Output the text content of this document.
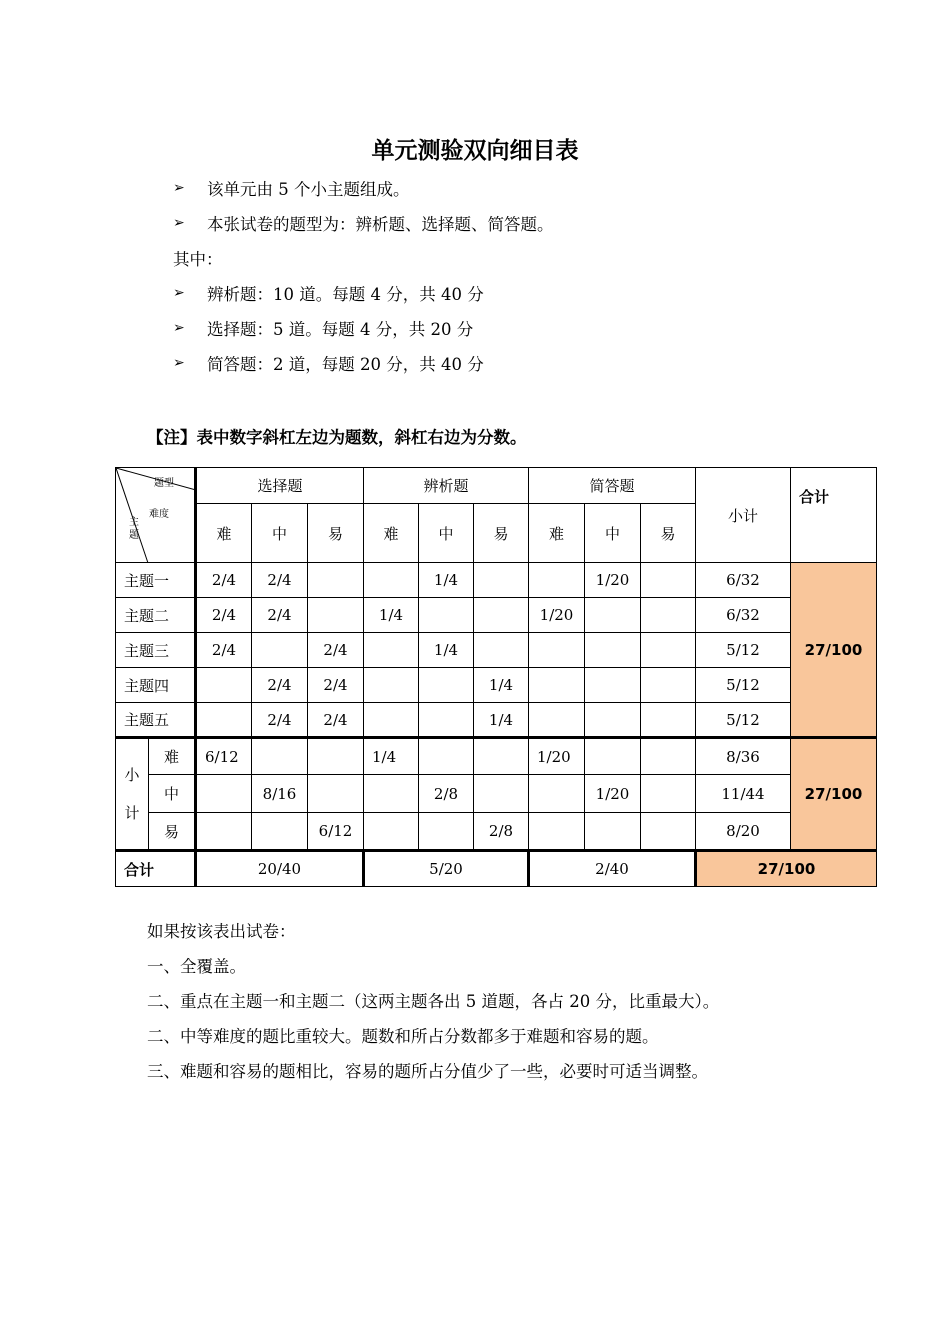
单元测验双向细目表
➢ 该单元由 5 个小主题组成。
➢ 本张试卷的题型为：辨析题、选择题、简答题。
其中：
➢ 辨析题：10 道。每题 4 分，共 40 分
➢ 选择题：5 道。每题 4 分，共 20 分
➢ 简答题：2 道，每题 20 分，共 40 分
【注】表中数字斜杠左边为题数，斜杠右边为分数。
题型
难度
主题		选择题			辨析题			简答题			小计	合计
		难	中	易	难	中	易	难	中	易		
主题一		2/4	2/4			1/4			1/20		6/32	27/100
主题二		2/4	2/4		1/4			1/20			6/32	
主题三		2/4		2/4		1/4					5/12	
主题四			2/4	2/4			1/4				5/12	
主题五			2/4	2/4			1/4				5/12	

小
计	难	6/12			1/4			1/20			8/36	27/100
	中		8/16			2/8			1/20		11/44	
	易			6/12			2/8				8/20	
合计		20/40			5/20			2/40			27/100	
如果按该表出试卷：
一、全覆盖。
二、重点在主题一和主题二（这两主题各出 5 道题，各占 20 分，比重最大）。
二、中等难度的题比重较大。题数和所占分数都多于难题和容易的题。
三、难题和容易的题相比，容易的题所占分值少了一些，必要时可适当调整。
